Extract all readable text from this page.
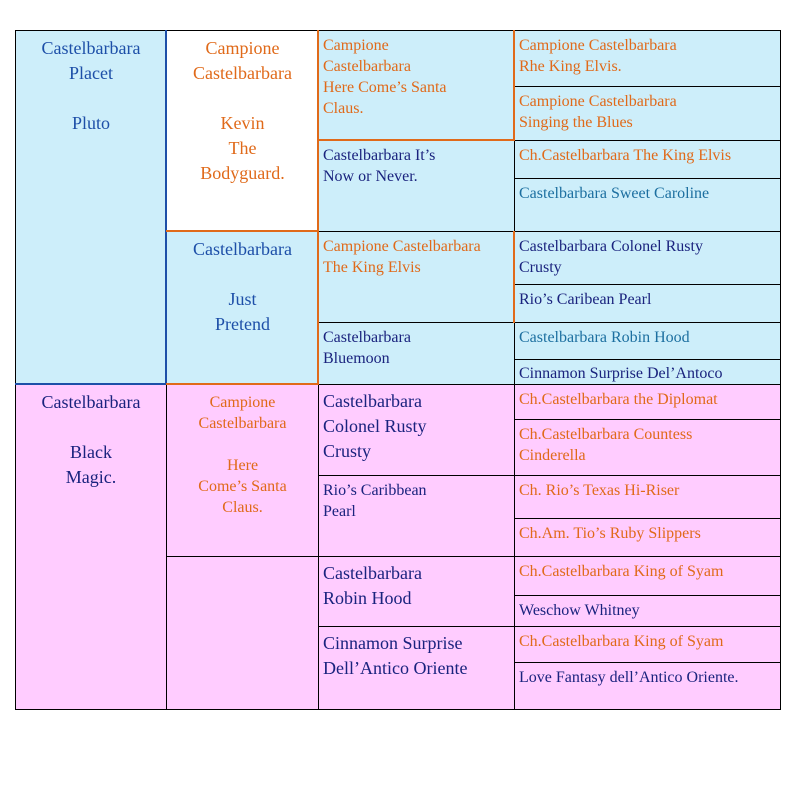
Castelbarbara
Placet
Pluto
Castelbarbara
Black
Magic.
Campione
Castelbarbara
Kevin
The
Bodyguard.
Castelbarbara
Just
Pretend
Campione
Castelbarbara
Here
Come’s Santa
Claus.
Campione
Castelbarbara
Here Come’s Santa
Claus.
Castelbarbara It’s
Now or Never.
Campione Castelbarbara
The King Elvis
Castelbarbara
Bluemoon
Castelbarbara
Colonel Rusty
Crusty
Rio’s Caribbean
Pearl
Castelbarbara
Robin Hood
Cinnamon Surprise
Dell’Antico Oriente
Campione Castelbarbara
Rhe King Elvis.
Campione Castelbarbara
Singing the Blues
Ch.Castelbarbara The King Elvis
Castelbarbara Sweet Caroline
Castelbarbara Colonel Rusty
Crusty
Rio’s Caribean Pearl
Castelbarbara Robin Hood
Cinnamon Surprise Del’Antoco
Ch.Castelbarbara the Diplomat
Ch.Castelbarbara Countess
Cinderella
Ch. Rio’s Texas Hi-Riser
Ch.Am. Tio’s Ruby Slippers
Ch.Castelbarbara King of Syam
Weschow Whitney
Ch.Castelbarbara King of Syam
Love Fantasy dell’Antico Oriente.
